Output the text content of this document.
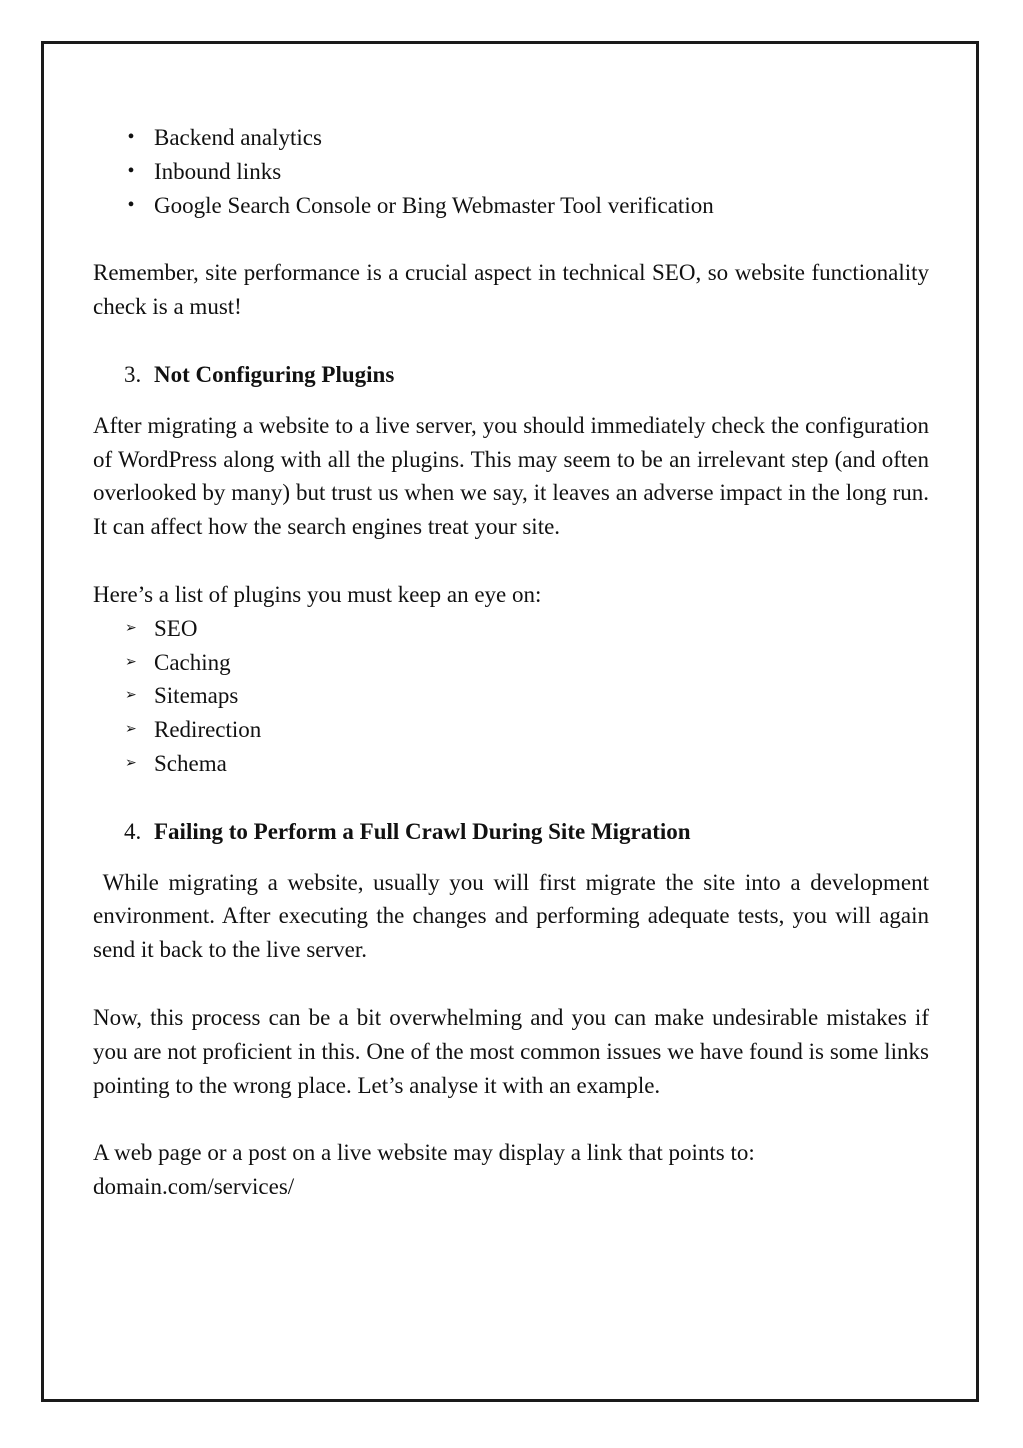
• Backend analytics
• Inbound links
• Google Search Console or Bing Webmaster Tool verification

Remember, site performance is a crucial aspect in technical SEO, so website functionality check is a must!

3. Not Configuring Plugins

After migrating a website to a live server, you should immediately check the configuration of WordPress along with all the plugins. This may seem to be an irrelevant step (and often overlooked by many) but trust us when we say, it leaves an adverse impact in the long run. It can affect how the search engines treat your site.

Here’s a list of plugins you must keep an eye on:

➢ SEO
➢ Caching
➢ Sitemaps
➢ Redirection
➢ Schema
4. Failing to Perform a Full Crawl During Site Migration

While migrating a website, usually you will first migrate the site into a development environment. After executing the changes and performing adequate tests, you will again send it back to the live server.

Now, this process can be a bit overwhelming and you can make undesirable mistakes if you are not proficient in this. One of the most common issues we have found is some links pointing to the wrong place. Let’s analyse it with an example.

A web page or a post on a live website may display a link that points to:

domain.com/services/
